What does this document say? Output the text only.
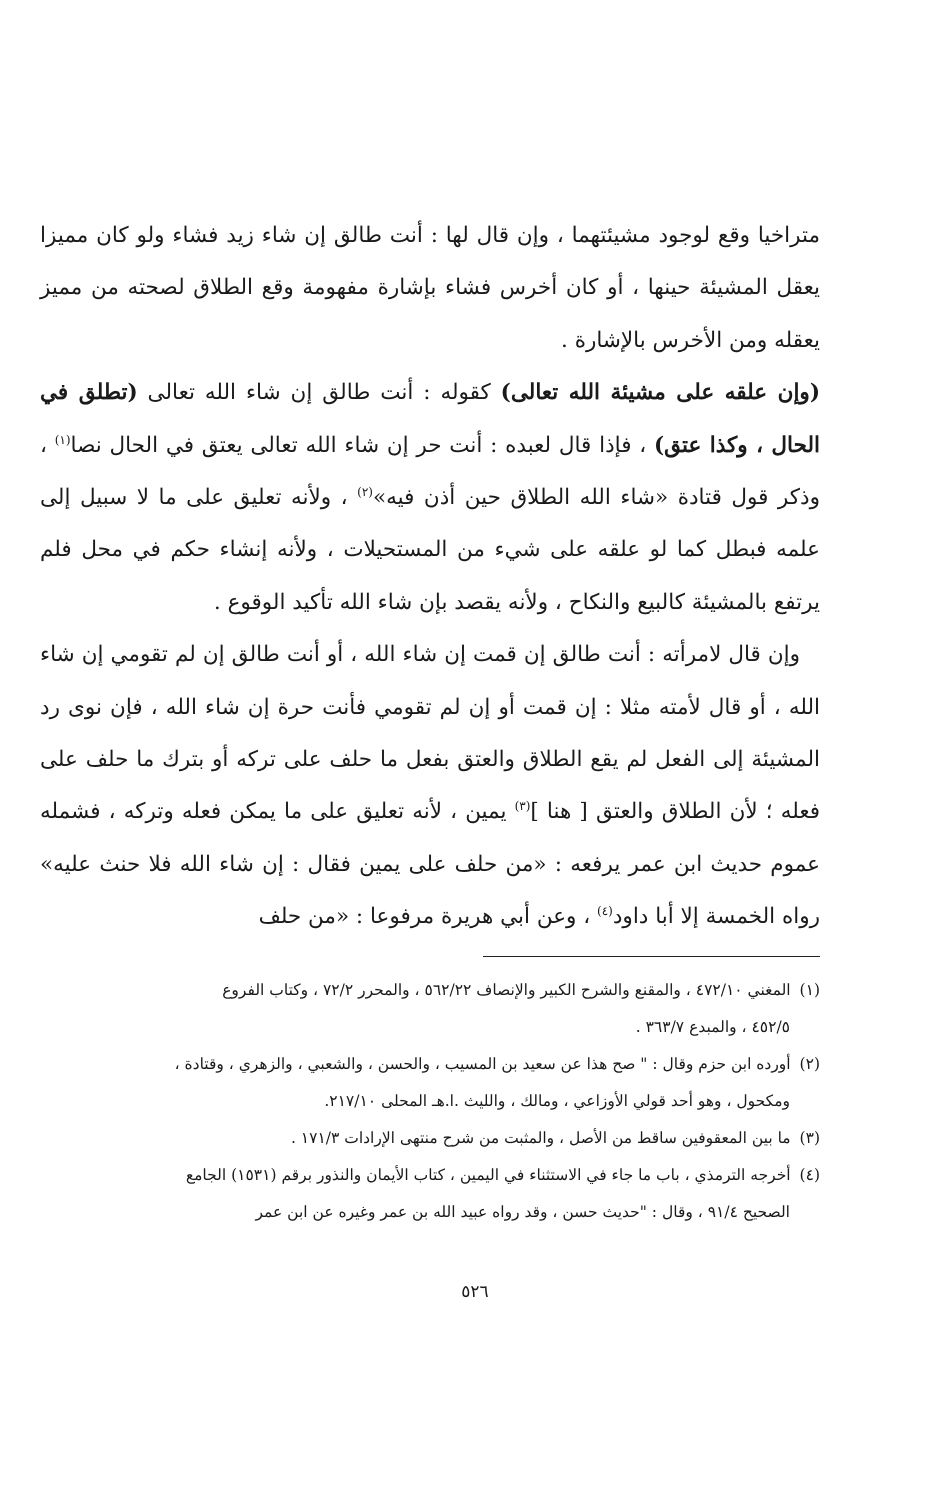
متراخيا وقع لوجود مشيئتهما ، وإن قال لها : أنت طالق إن شاء زيد فشاء ولو كان مميزا يعقل المشيئة حينها ، أو كان أخرس فشاء بإشارة مفهومة وقع الطلاق لصحته من مميز يعقله ومن الأخرس بالإشارة .

(وإن علقه على مشيئة الله تعالى) كقوله : أنت طالق إن شاء الله تعالى (تطلق في الحال ، وكذا عتق) ، فإذا قال لعبده : أنت حر إن شاء الله تعالى يعتق في الحال نصا$^{(١)}$ ، وذكر قول قتادة «شاء الله الطلاق حين أذن فيه»$^{(٢)}$ ، ولأنه تعليق على ما لا سبيل إلى علمه فبطل كما لو علقه على شيء من المستحيلات ، ولأنه إنشاء حكم في محل فلم يرتفع بالمشيئة كالبيع والنكاح ، ولأنه يقصد بإن شاء الله تأكيد الوقوع .

وإن قال لامرأته : أنت طالق إن قمت إن شاء الله ، أو أنت طالق إن لم تقومي إن شاء الله ، أو قال لأمته مثلا : إن قمت أو إن لم تقومي فأنت حرة إن شاء الله ، فإن نوى رد المشيئة إلى الفعل لم يقع الطلاق والعتق بفعل ما حلف على تركه أو بترك ما حلف على فعله ؛ لأن الطلاق والعتق [ هنا ]$^{(٣)}$ يمين ، لأنه تعليق على ما يمكن فعله وتركه ، فشمله عموم حديث ابن عمر يرفعه : «من حلف على يمين فقال : إن شاء الله فلا حنث عليه» رواه الخمسة إلا أبا داود$^{(٤)}$ ، وعن أبي هريرة مرفوعا : «من حلف

(١) المغني ٤٧٢/١٠ ، والمقنع والشرح الكبير والإنصاف ٥٦٢/٢٢ ، والمحرر ٧٢/٢ ، وكتاب الفروع

٤٥٢/٥ ، والمبدع ٣٦٣/٧ .

(٢) أورده ابن حزم وقال : " صح هذا عن سعيد بن المسيب ، والحسن ، والشعبي ، والزهري ، وقتادة ،

ومكحول ، وهو أحد قولي الأوزاعي ، ومالك ، والليث .ا.هـ المحلى ٢١٧/١٠.

(٣) ما بين المعقوفين ساقط من الأصل ، والمثبت من شرح منتهى الإرادات ١٧١/٣ .

(٤) أخرجه الترمذي ، باب ما جاء في الاستثناء في اليمين ، كتاب الأيمان والنذور برقم (١٥٣١) الجامع

الصحيح ٩١/٤ ، وقال : "حديث حسن ، وقد رواه عبيد الله بن عمر وغيره عن ابن عمر

٥٢٦
